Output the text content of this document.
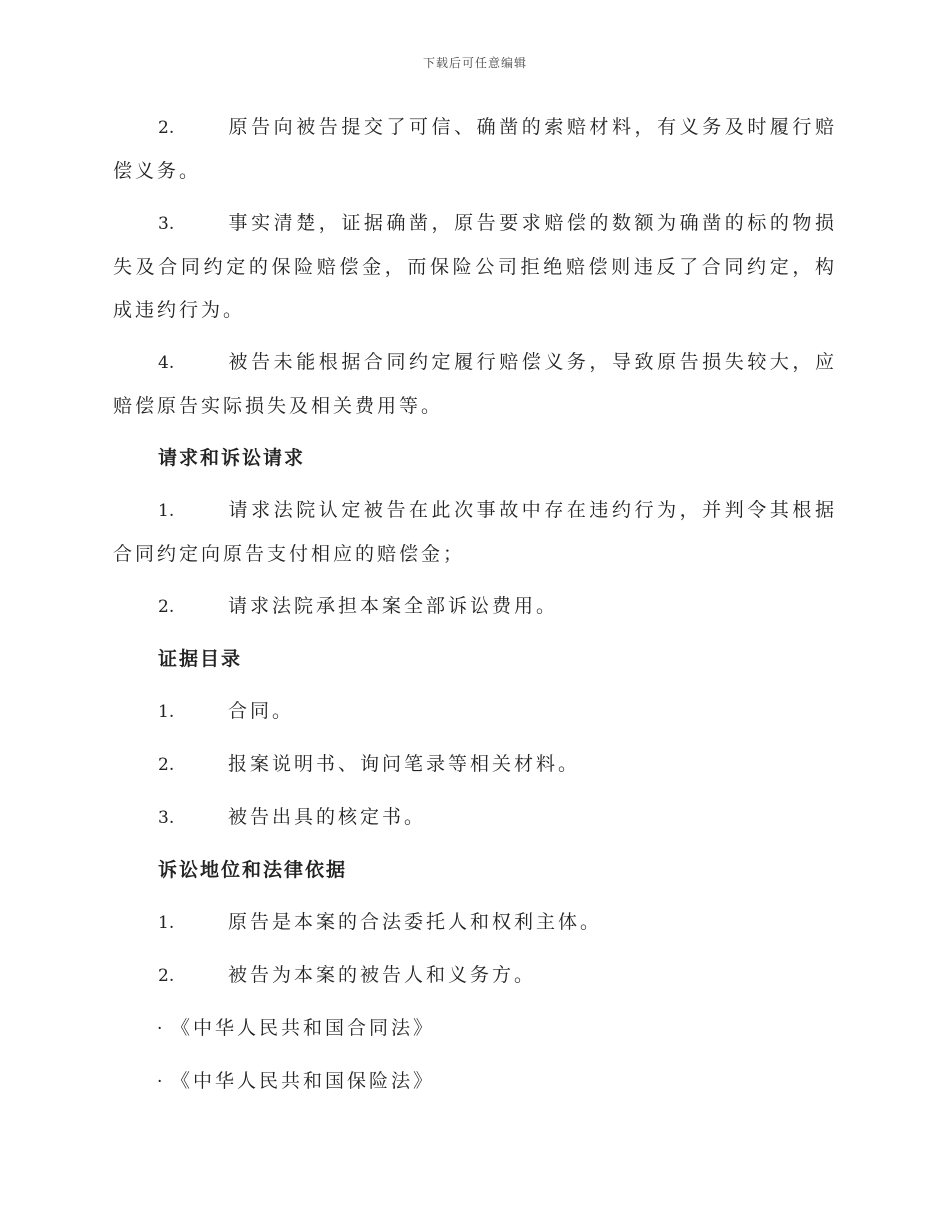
下载后可任意编辑

2.	原告向被告提交了可信、确凿的索赔材料，有义务及时履行赔偿义务。

3.	事实清楚，证据确凿，原告要求赔偿的数额为确凿的标的物损失及合同约定的保险赔偿金，而保险公司拒绝赔偿则违反了合同约定，构成违约行为。

4.	被告未能根据合同约定履行赔偿义务，导致原告损失较大，应赔偿原告实际损失及相关费用等。

请求和诉讼请求

1.	请求法院认定被告在此次事故中存在违约行为，并判令其根据合同约定向原告支付相应的赔偿金；

2.	请求法院承担本案全部诉讼费用。
证据目录
1.	合同。
2.	报案说明书、询问笔录等相关材料。
3.	被告出具的核定书。
诉讼地位和法律依据
1.	原告是本案的合法委托人和权利主体。
2.	被告为本案的被告人和义务方。
· 《中华人民共和国合同法》
· 《中华人民共和国保险法》
